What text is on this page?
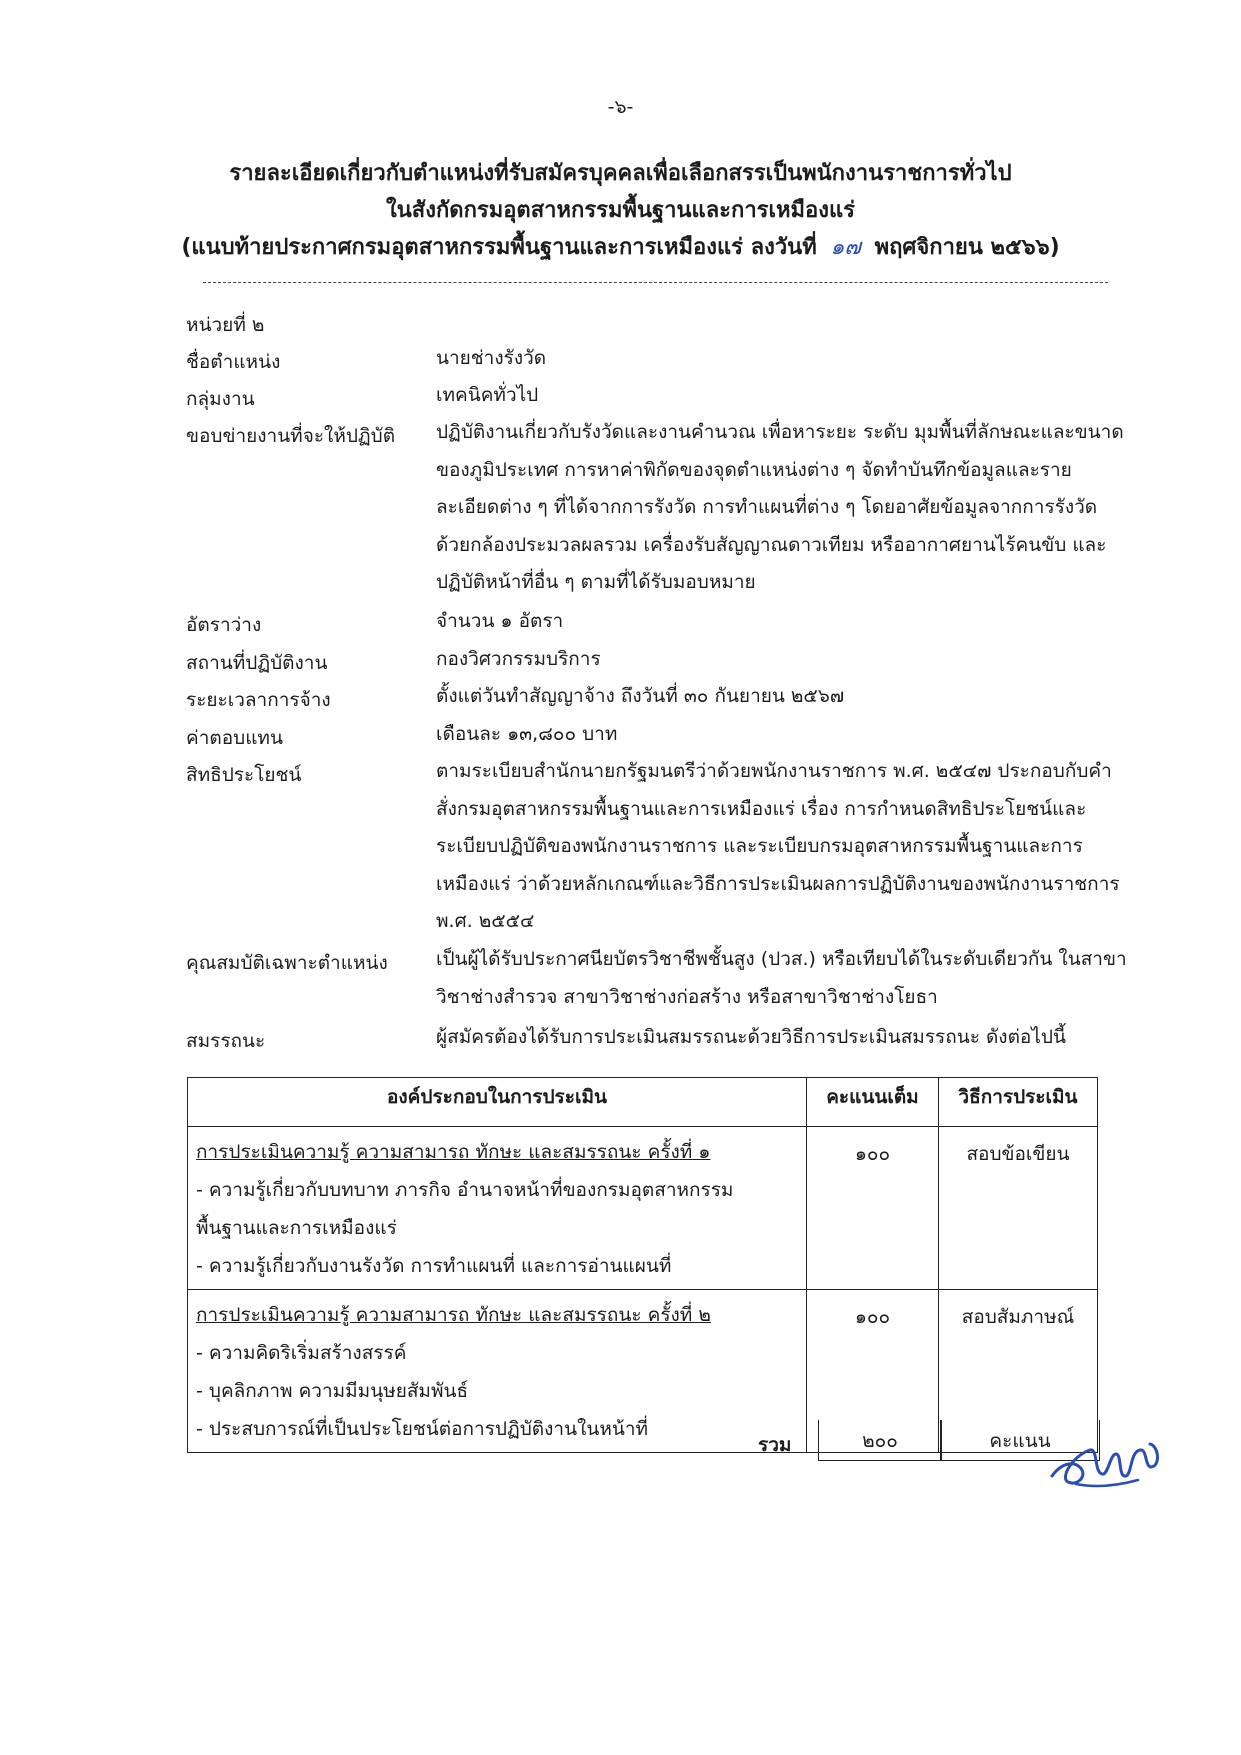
-๖-
รายละเอียดเกี่ยวกับตำแหน่งที่รับสมัครบุคคลเพื่อเลือกสรรเป็นพนักงานราชการทั่วไป
ในสังกัดกรมอุตสาหกรรมพื้นฐานและการเหมืองแร่
(แนบท้ายประกาศกรมอุตสาหกรรมพื้นฐานและการเหมืองแร่ ลงวันที่ ๑๗ พฤศจิกายน ๒๕๖๖)
หน่วยที่ ๒
ชื่อตำแหน่ง	นายช่างรังวัด

กลุ่มงาน	เทคนิคทั่วไป

ขอบข่ายงานที่จะให้ปฏิบัติ ปฏิบัติงานเกี่ยวกับรังวัดและงานคำนวณ เพื่อหาระยะ ระดับ มุมพื้นที่ลักษณะและขนาดของภูมิประเทศ การหาค่าพิกัดของจุดตำแหน่งต่าง ๆ จัดทำบันทึกข้อมูลและรายละเอียดต่าง ๆ ที่ได้จากการรังวัด การทำแผนที่ต่าง ๆ โดยอาศัยข้อมูลจากการรังวัด ด้วยกล้องประมวลผลรวม เครื่องรับสัญญาณดาวเทียม หรืออากาศยานไร้คนขับ และปฏิบัติหน้าที่อื่น ๆ ตามที่ได้รับมอบหมาย

อัตราว่าง	จำนวน ๑ อัตรา

สถานที่ปฏิบัติงาน	กองวิศวกรรมบริการ

ระยะเวลาการจ้าง	ตั้งแต่วันทำสัญญาจ้าง ถึงวันที่ ๓๐ กันยายน ๒๕๖๗

ค่าตอบแทน	เดือนละ ๑๓,๘๐๐ บาท

สิทธิประโยชน์	ตามระเบียบสำนักนายกรัฐมนตรีว่าด้วยพนักงานราชการ พ.ศ. ๒๕๔๗ ประกอบกับคำสั่งกรมอุตสาหกรรมพื้นฐานและการเหมืองแร่ เรื่อง การกำหนดสิทธิประโยชน์และระเบียบปฏิบัติของพนักงานราชการ และระเบียบกรมอุตสาหกรรมพื้นฐานและการเหมืองแร่ ว่าด้วยหลักเกณฑ์และวิธีการประเมินผลการปฏิบัติงานของพนักงานราชการ พ.ศ. ๒๕๕๔

คุณสมบัติเฉพาะตำแหน่ง	เป็นผู้ได้รับประกาศนียบัตรวิชาชีพชั้นสูง (ปวส.) หรือเทียบได้ในระดับเดียวกัน ในสาขาวิชาช่างสำรวจ สาขาวิชาช่างก่อสร้าง หรือสาขาวิชาช่างโยธา

สมรรถนะ	ผู้สมัครต้องได้รับการประเมินสมรรถนะด้วยวิธีการประเมินสมรรถนะ ดังต่อไปนี้

องค์ประกอบในการประเมิน	คะแนนเต็ม	วิธีการประเมิน

การประเมินความรู้ ความสามารถ ทักษะ และสมรรถนะ ครั้งที่ ๑
- ความรู้เกี่ยวกับบทบาท ภารกิจ อำนาจหน้าที่ของกรมอุตสาหกรรม
พื้นฐานและการเหมืองแร่
- ความรู้เกี่ยวกับงานรังวัด การทำแผนที่ และการอ่านแผนที่	๑๐๐	สอบข้อเขียน

การประเมินความรู้ ความสามารถ ทักษะ และสมรรถนะ ครั้งที่ ๒
- ความคิดริเริ่มสร้างสรรค์
- บุคลิกภาพ ความมีมนุษยสัมพันธ์
- ประสบการณ์ที่เป็นประโยชน์ต่อการปฏิบัติงานในหน้าที่	๑๐๐	สอบสัมภาษณ์
รวม	๒๐๐	คะแนน
